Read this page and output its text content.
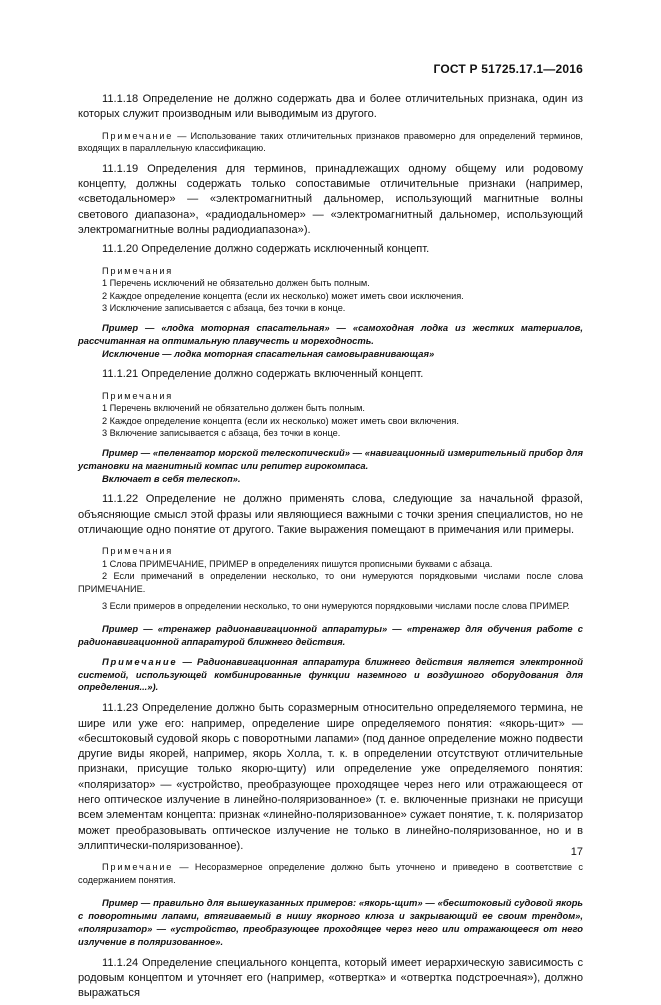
ГОСТ Р 51725.17.1—2016

11.1.18 Определение не должно содержать два и более отличительных признака, один из которых служит производным или выводимым из другого.

Примечание — Использование таких отличительных признаков правомерно для определений терминов, входящих в параллельную классификацию.

11.1.19 Определения для терминов, принадлежащих одному общему или родовому концепту, должны содержать только сопоставимые отличительные признаки (например, «светодальномер» — «электромагнитный дальномер, использующий магнитные волны светового диапазона», «радиодальномер» — «электромагнитный дальномер, использующий электромагнитные волны радиодиапазона»).

11.1.20 Определение должно содержать исключенный концепт.

Примечания

1 Перечень исключений не обязательно должен быть полным.

2 Каждое определение концепта (если их несколько) может иметь свои исключения.

3 Исключение записывается с абзаца, без точки в конце.

Пример — «лодка моторная спасательная» — «самоходная лодка из жестких материалов, рассчитанная на оптимальную плавучесть и мореходность.

Исключение — лодка моторная спасательная самовыравнивающая»

11.1.21 Определение должно содержать включенный концепт.

Примечания

1 Перечень включений не обязательно должен быть полным.

2 Каждое определение концепта (если их несколько) может иметь свои включения.

3 Включение записывается с абзаца, без точки в конце.

Пример — «пеленгатор морской телескопический» — «навигационный измерительный прибор для установки на магнитный компас или репитер гирокомпаса.

Включает в себя телескоп».

11.1.22 Определение не должно применять слова, следующие за начальной фразой, объясняющие смысл этой фразы или являющиеся важными с точки зрения специалистов, но не отличающие одно понятие от другого. Такие выражения помещают в примечания или примеры.

Примечания

1 Слова ПРИМЕЧАНИЕ, ПРИМЕР в определениях пишутся прописными буквами с абзаца.

2 Если примечаний в определении несколько, то они нумеруются порядковыми числами после слова ПРИМЕЧАНИЕ.

3 Если примеров в определении несколько, то они нумеруются порядковыми числами после слова ПРИМЕР.

Пример — «тренажер радионавигационной аппаратуры» — «тренажер для обучения работе с радионавигационной аппаратурой ближнего действия.

Примечание — Радионавигационная аппаратура ближнего действия является электронной системой, использующей комбинированные функции наземного и воздушного оборудования для определения...»).

11.1.23 Определение должно быть соразмерным относительно определяемого термина, не шире или уже его: например, определение шире определяемого понятия: «якорь-щит» — «бесштоковый судовой якорь с поворотными лапами» (под данное определение можно подвести другие виды якорей, например, якорь Холла, т. к. в определении отсутствуют отличительные признаки, присущие только якорю-щиту) или определение уже определяемого понятия: «поляризатор» — «устройство, преобразующее проходящее через него или отражающееся от него оптическое излучение в линейно-поляризованное» (т. е. включенные признаки не присущи всем элементам концепта: признак «линейно-поляризованное» сужает понятие, т. к. поляризатор может преобразовывать оптическое излучение не только в линейно-поляризованное, но и в эллиптически-поляризованное).

Примечание — Несоразмерное определение должно быть уточнено и приведено в соответствие с содержанием понятия.

Пример — правильно для вышеуказанных примеров: «якорь-щит» — «бесштоковый судовой якорь с поворотными лапами, втягиваемый в нишу якорного клюза и закрывающий ее своим трендом», «поляризатор» — «устройство, преобразующее проходящее через него или отражающееся от него излучение в поляризованное».

11.1.24 Определение специального концепта, который имеет иерархическую зависимость с родовым концептом и уточняет его (например, «отвертка» и «отвертка подстроечная»), должно выражаться

17
